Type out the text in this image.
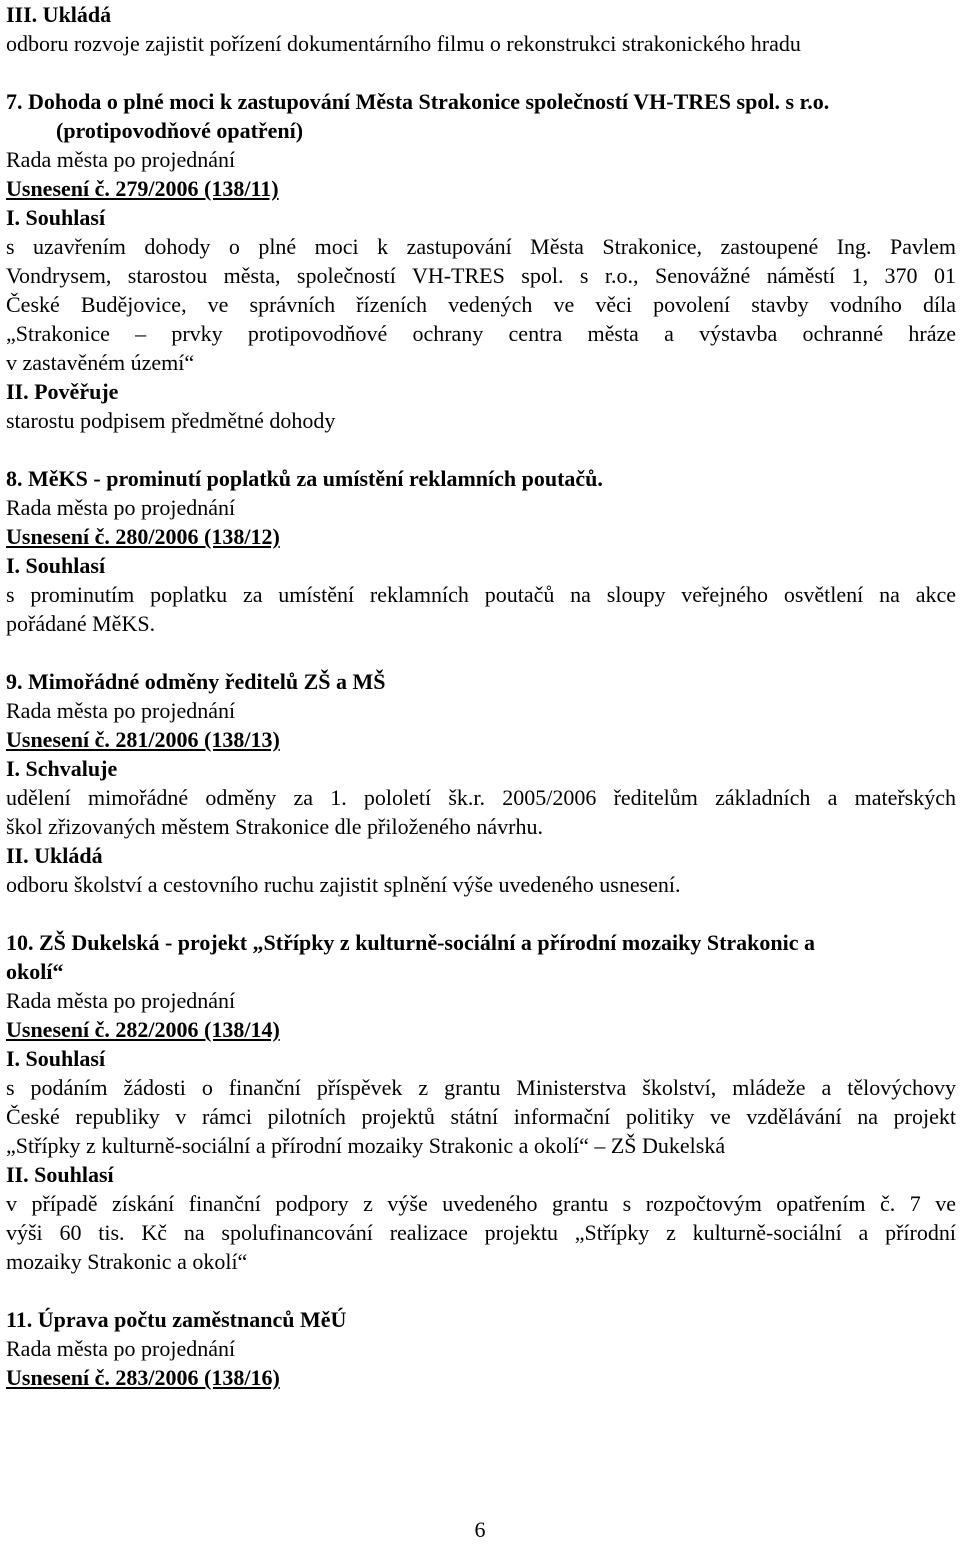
III. Ukládá
odboru rozvoje zajistit pořízení dokumentárního filmu o rekonstrukci strakonického hradu
7. Dohoda o plné moci k zastupování Města Strakonice společností VH-TRES spol. s r.o.
(protipovodňové opatření)
Rada města po projednání
Usnesení č. 279/2006 (138/11)
I. Souhlasí
s uzavřením dohody o plné moci k zastupování Města Strakonice, zastoupené Ing. Pavlem
Vondrysem, starostou města, společností VH-TRES spol. s r.o., Senovážné náměstí 1, 370 01
České Budějovice, ve správních řízeních vedených ve věci povolení stavby vodního díla
„Strakonice – prvky protipovodňové ochrany centra města a výstavba ochranné hráze
v zastavěném území“
II. Pověřuje
starostu podpisem předmětné dohody
8. MěKS - prominutí poplatků za umístění reklamních poutačů.
Rada města po projednání
Usnesení č. 280/2006 (138/12)
I. Souhlasí
s prominutím poplatku za umístění reklamních poutačů na sloupy veřejného osvětlení na akce
pořádané MěKS.
9. Mimořádné odměny ředitelů ZŠ a MŠ
Rada města po projednání
Usnesení č. 281/2006 (138/13)
I. Schvaluje
udělení mimořádné odměny za 1. pololetí šk.r. 2005/2006 ředitelům základních a mateřských
škol zřizovaných městem Strakonice dle přiloženého návrhu.
II. Ukládá
odboru školství a cestovního ruchu zajistit splnění výše uvedeného usnesení.
10. ZŠ Dukelská - projekt „Střípky z kulturně-sociální a přírodní mozaiky Strakonic a
okolí“
Rada města po projednání
Usnesení č. 282/2006 (138/14)
I. Souhlasí
s podáním žádosti o finanční příspěvek z grantu Ministerstva školství, mládeže a tělovýchovy
České republiky v rámci pilotních projektů státní informační politiky ve vzdělávání na projekt
„Střípky z kulturně-sociální a přírodní mozaiky Strakonic a okolí“ – ZŠ Dukelská
II. Souhlasí
v případě získání finanční podpory z výše uvedeného grantu s rozpočtovým opatřením č. 7 ve
výši 60 tis. Kč na spolufinancování realizace projektu „Střípky z kulturně-sociální a přírodní
mozaiky Strakonic a okolí“
11. Úprava počtu zaměstnanců MěÚ
Rada města po projednání
Usnesení č. 283/2006 (138/16)
6
